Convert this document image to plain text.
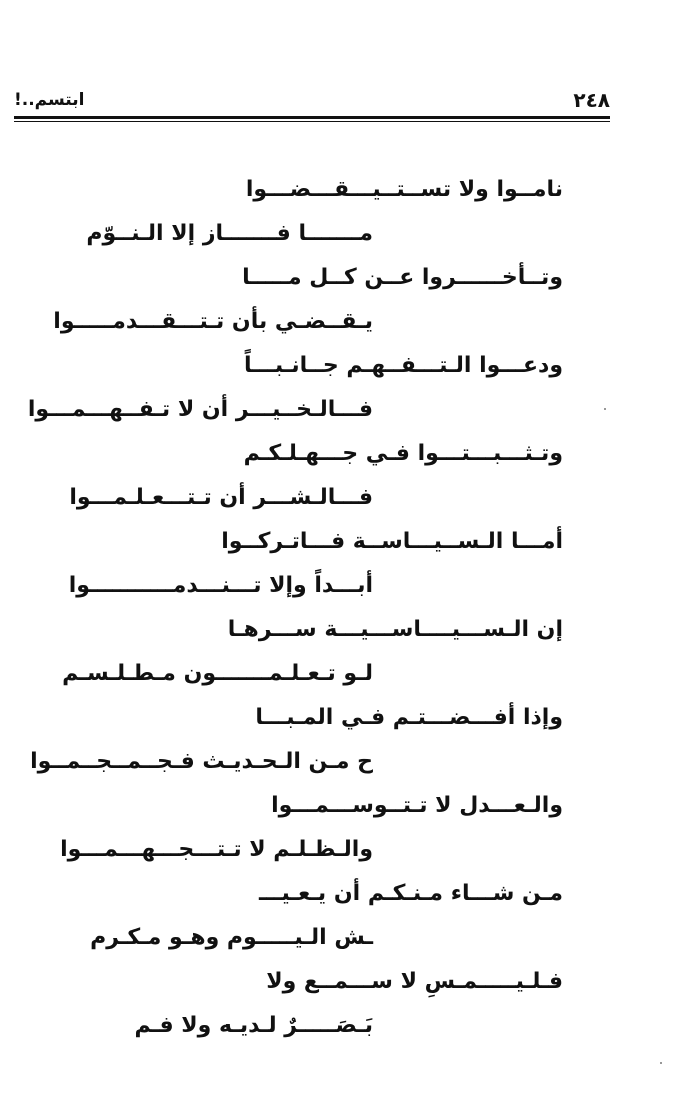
٢٤٨
ابتسم..!
نامــوا ولا تســتــيـــقـــضـــوا
مـــــــا فـــــــاز إلا الـنــوّم
وتــأخــــــروا عــن كــل مـــــا
يـقــضـي بأن تـتـــقـــدمـــــوا
ودعـــوا الـتـــفــهـم جــانـبـــاً
فـــالـخــيـــر أن لا تـفــهـــمـــوا
وتـثـــبـــتـــوا فـي جـــهـلـكـم
فـــالـشـــر أن تـتـــعـلـمـــوا
أمـــا الـســيـــاســة فـــاتـركــوا
أبـــداً وإلا تـــنـــدمـــــــــــوا
إن الـســـيــــاســـيـــة ســـرهـا
لـو تـعـلـمـــــــون مـطـلـسـم
وإذا أفـــضـــتـم فـي المـبـــا
ح مـن الـحـديـث فـجــمــجــمــوا
والـعـــدل لا تـتــوســـمـــوا
والـظـلـم لا تـتـــجـــهـــمـــوا
مـن شـــاء مـنـكـم أن يـعـيـــ
ـش الـيـــــوم وهـو مـكـرم
فـلـيـــــمـسِ لا ســـمــع ولا
بَـصَـــــرٌ لـديـه ولا فـم
